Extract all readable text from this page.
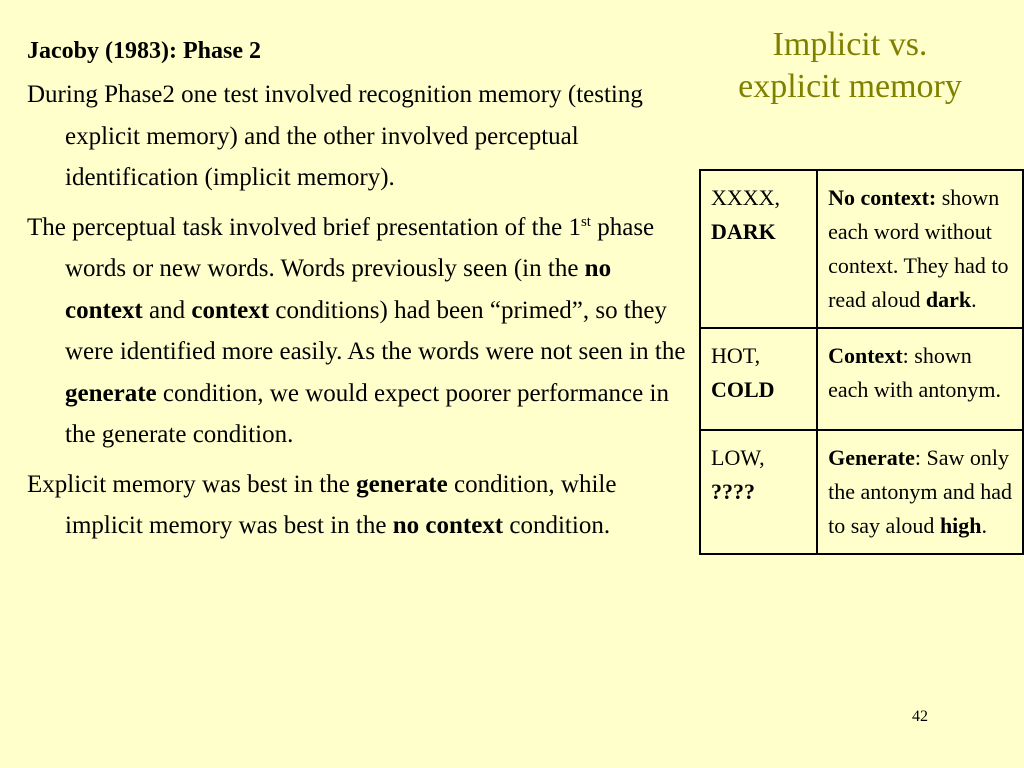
Implicit vs.
explicit memory
Jacoby (1983): Phase 2

During Phase2 one test involved recognition memory (testing explicit memory) and the other involved perceptual identification (implicit memory).

The perceptual task involved brief presentation of the 1st phase words or new words. Words previously seen (in the no context and context conditions) had been “primed”, so they were identified more easily. As the words were not seen in the generate condition, we would expect poorer performance in the generate condition.

Explicit memory was best in the generate condition, while implicit memory was best in the no context condition.

XXXX,
DARK	No context: shown each word without context. They had to read aloud dark.
HOT,
COLD	Context: shown each with antonym.
LOW,
????	Generate: Saw only the antonym and had to say aloud high.
42
